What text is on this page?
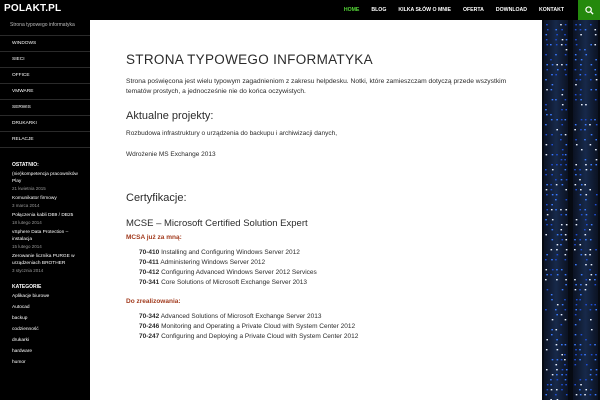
POLAKT.PL	HOME	BLOG	KILKA SŁÓW O MNIE	OFERTA	DOWNLOAD	KONTAKT
Strona typowego informatyka
WINDOWS
SIECI
OFFICE
VMWARE
SERWIS
DRUKARKI
RELACJE
OSTATNIO:
(nie)kompetencja pracowników Play
21 kwietnia 2015
Komunikator firmowy
3 marca 2014
Połączenia kabli DB9 / DB25
18 lutego 2014
vSphere Data Protection – instalacja
15 lutego 2014
Zerowanie licznika PURGE w urządzeniach BROTHER
3 stycznia 2014
KATEGORIE
Aplikacje biurowe
Autocad
backup
codzienność
drukarki
hardware
humor
STRONA TYPOWEGO INFORMATYKA

Strona poświęcona jest wielu typowym zagadnieniom z zakresu helpdesku. Notki, które zamieszczam dotyczą przede wszystkim tematów prostych, a jednocześnie nie do końca oczywistych.

Aktualne projekty:

Rozbudowa infrastruktury o urządzenia do backupu i archiwizacji danych,

Wdrożenie MS Exchange 2013

Certyfikacje:
MCSE – Microsoft Certified Solution Expert

MCSA już za mną:

70-410 Installing and Configuring Windows Server 2012
70-411 Administering Windows Server 2012
70-412 Configuring Advanced Windows Server 2012 Services
70-341 Core Solutions of Microsoft Exchange Server 2013

Do zrealizowania:

70-342 Advanced Solutions of Microsoft Exchange Server 2013
70-246 Monitoring and Operating a Private Cloud with System Center 2012
70-247 Configuring and Deploying a Private Cloud with System Center 2012
